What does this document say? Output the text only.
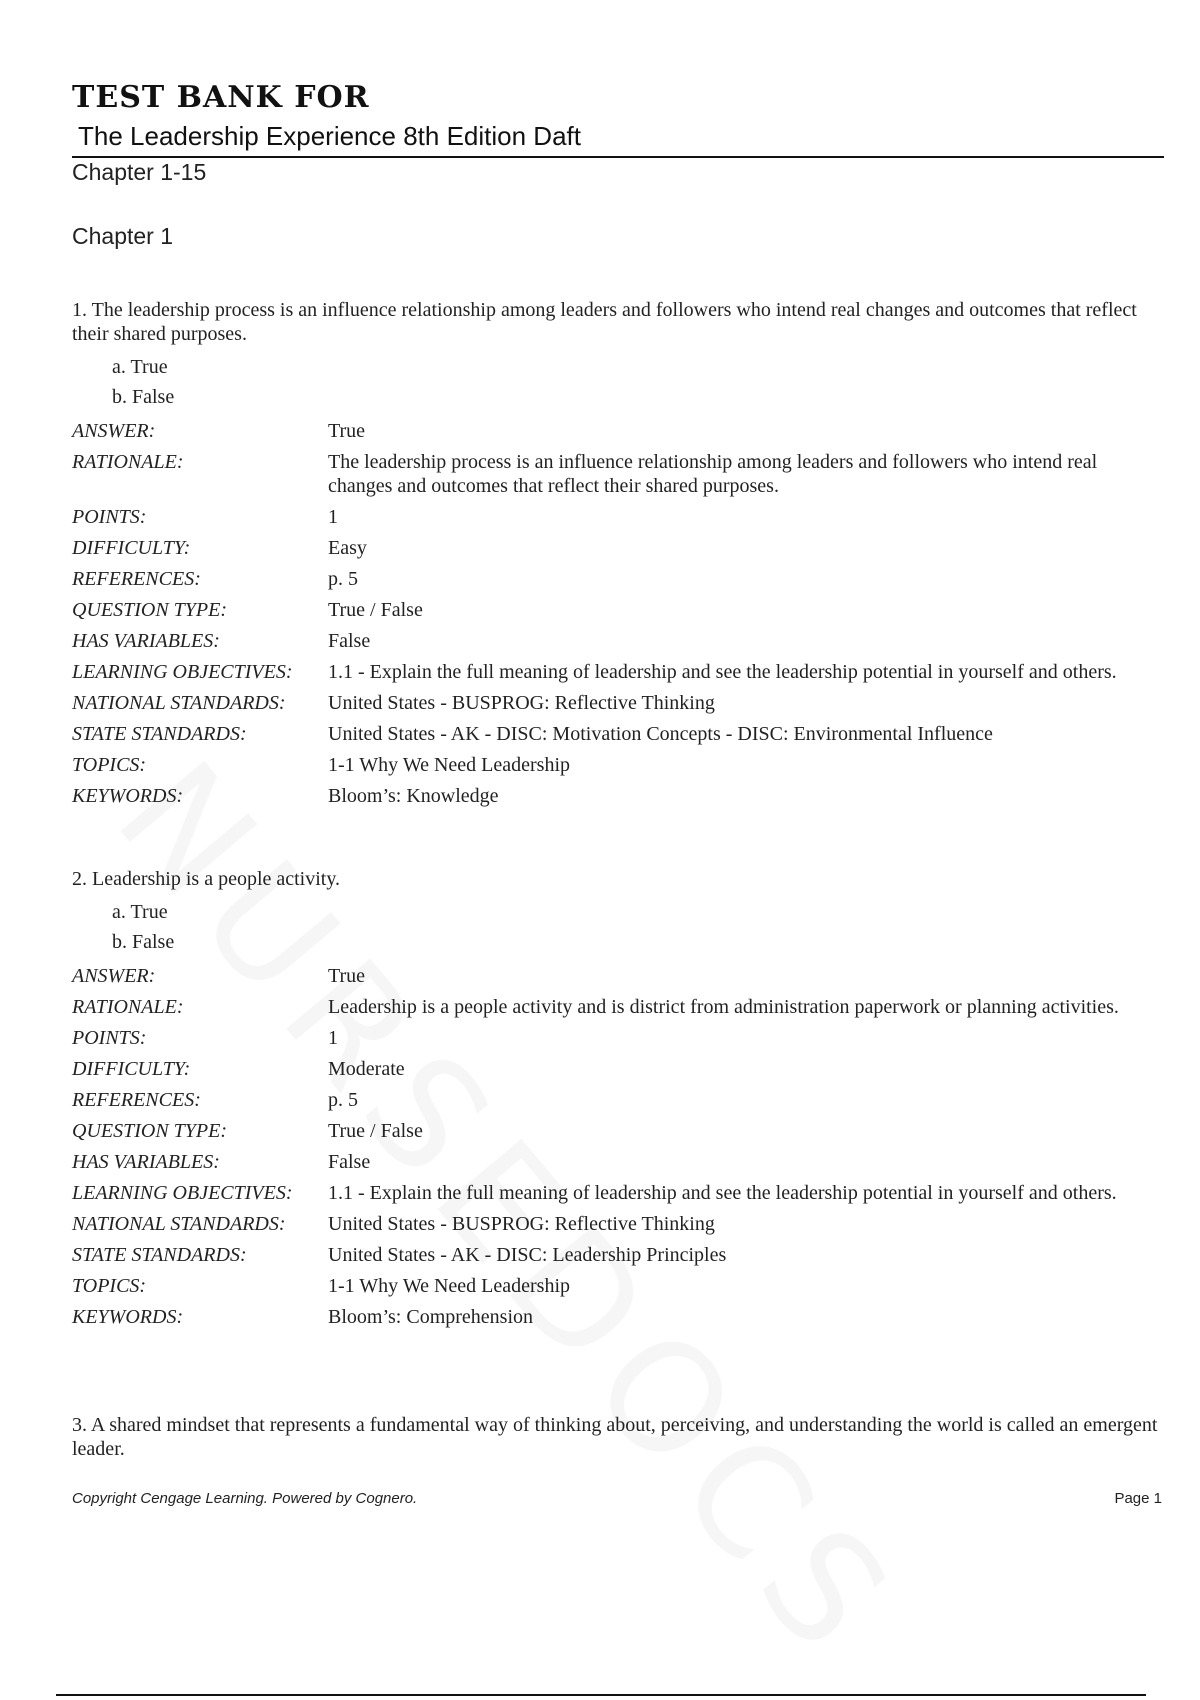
TEST BANK FOR
The Leadership Experience 8th Edition Daft
Chapter 1-15
Chapter 1

1. The leadership process is an influence relationship among leaders and followers who intend real changes and outcomes that reflect their shared purposes.

a. True
b. False
ANSWER:	True
RATIONALE:	The leadership process is an influence relationship among leaders and followers who intend real changes and outcomes that reflect their shared purposes.
POINTS:	1
DIFFICULTY:	Easy
REFERENCES:	p. 5
QUESTION TYPE:	True / False
HAS VARIABLES:	False
LEARNING OBJECTIVES:	1.1 - Explain the full meaning of leadership and see the leadership potential in yourself and others.
NATIONAL STANDARDS:	United States - BUSPROG: Reflective Thinking
STATE STANDARDS:	United States - AK - DISC: Motivation Concepts - DISC: Environmental Influence
TOPICS:	1-1 Why We Need Leadership
KEYWORDS:	Bloom’s: Knowledge

2. Leadership is a people activity.

a. True
b. False
ANSWER:	True
RATIONALE:	Leadership is a people activity and is district from administration paperwork or planning activities.
POINTS:	1
DIFFICULTY:	Moderate
REFERENCES:	p. 5
QUESTION TYPE:	True / False
HAS VARIABLES:	False
LEARNING OBJECTIVES:	1.1 - Explain the full meaning of leadership and see the leadership potential in yourself and others.
NATIONAL STANDARDS:	United States - BUSPROG: Reflective Thinking
STATE STANDARDS:	United States - AK - DISC: Leadership Principles
TOPICS:	1-1 Why We Need Leadership
KEYWORDS:	Bloom’s: Comprehension

3. A shared mindset that represents a fundamental way of thinking about, perceiving, and understanding the world is called an emergent leader.

Copyright Cengage Learning. Powered by Cognero.	Page 1
